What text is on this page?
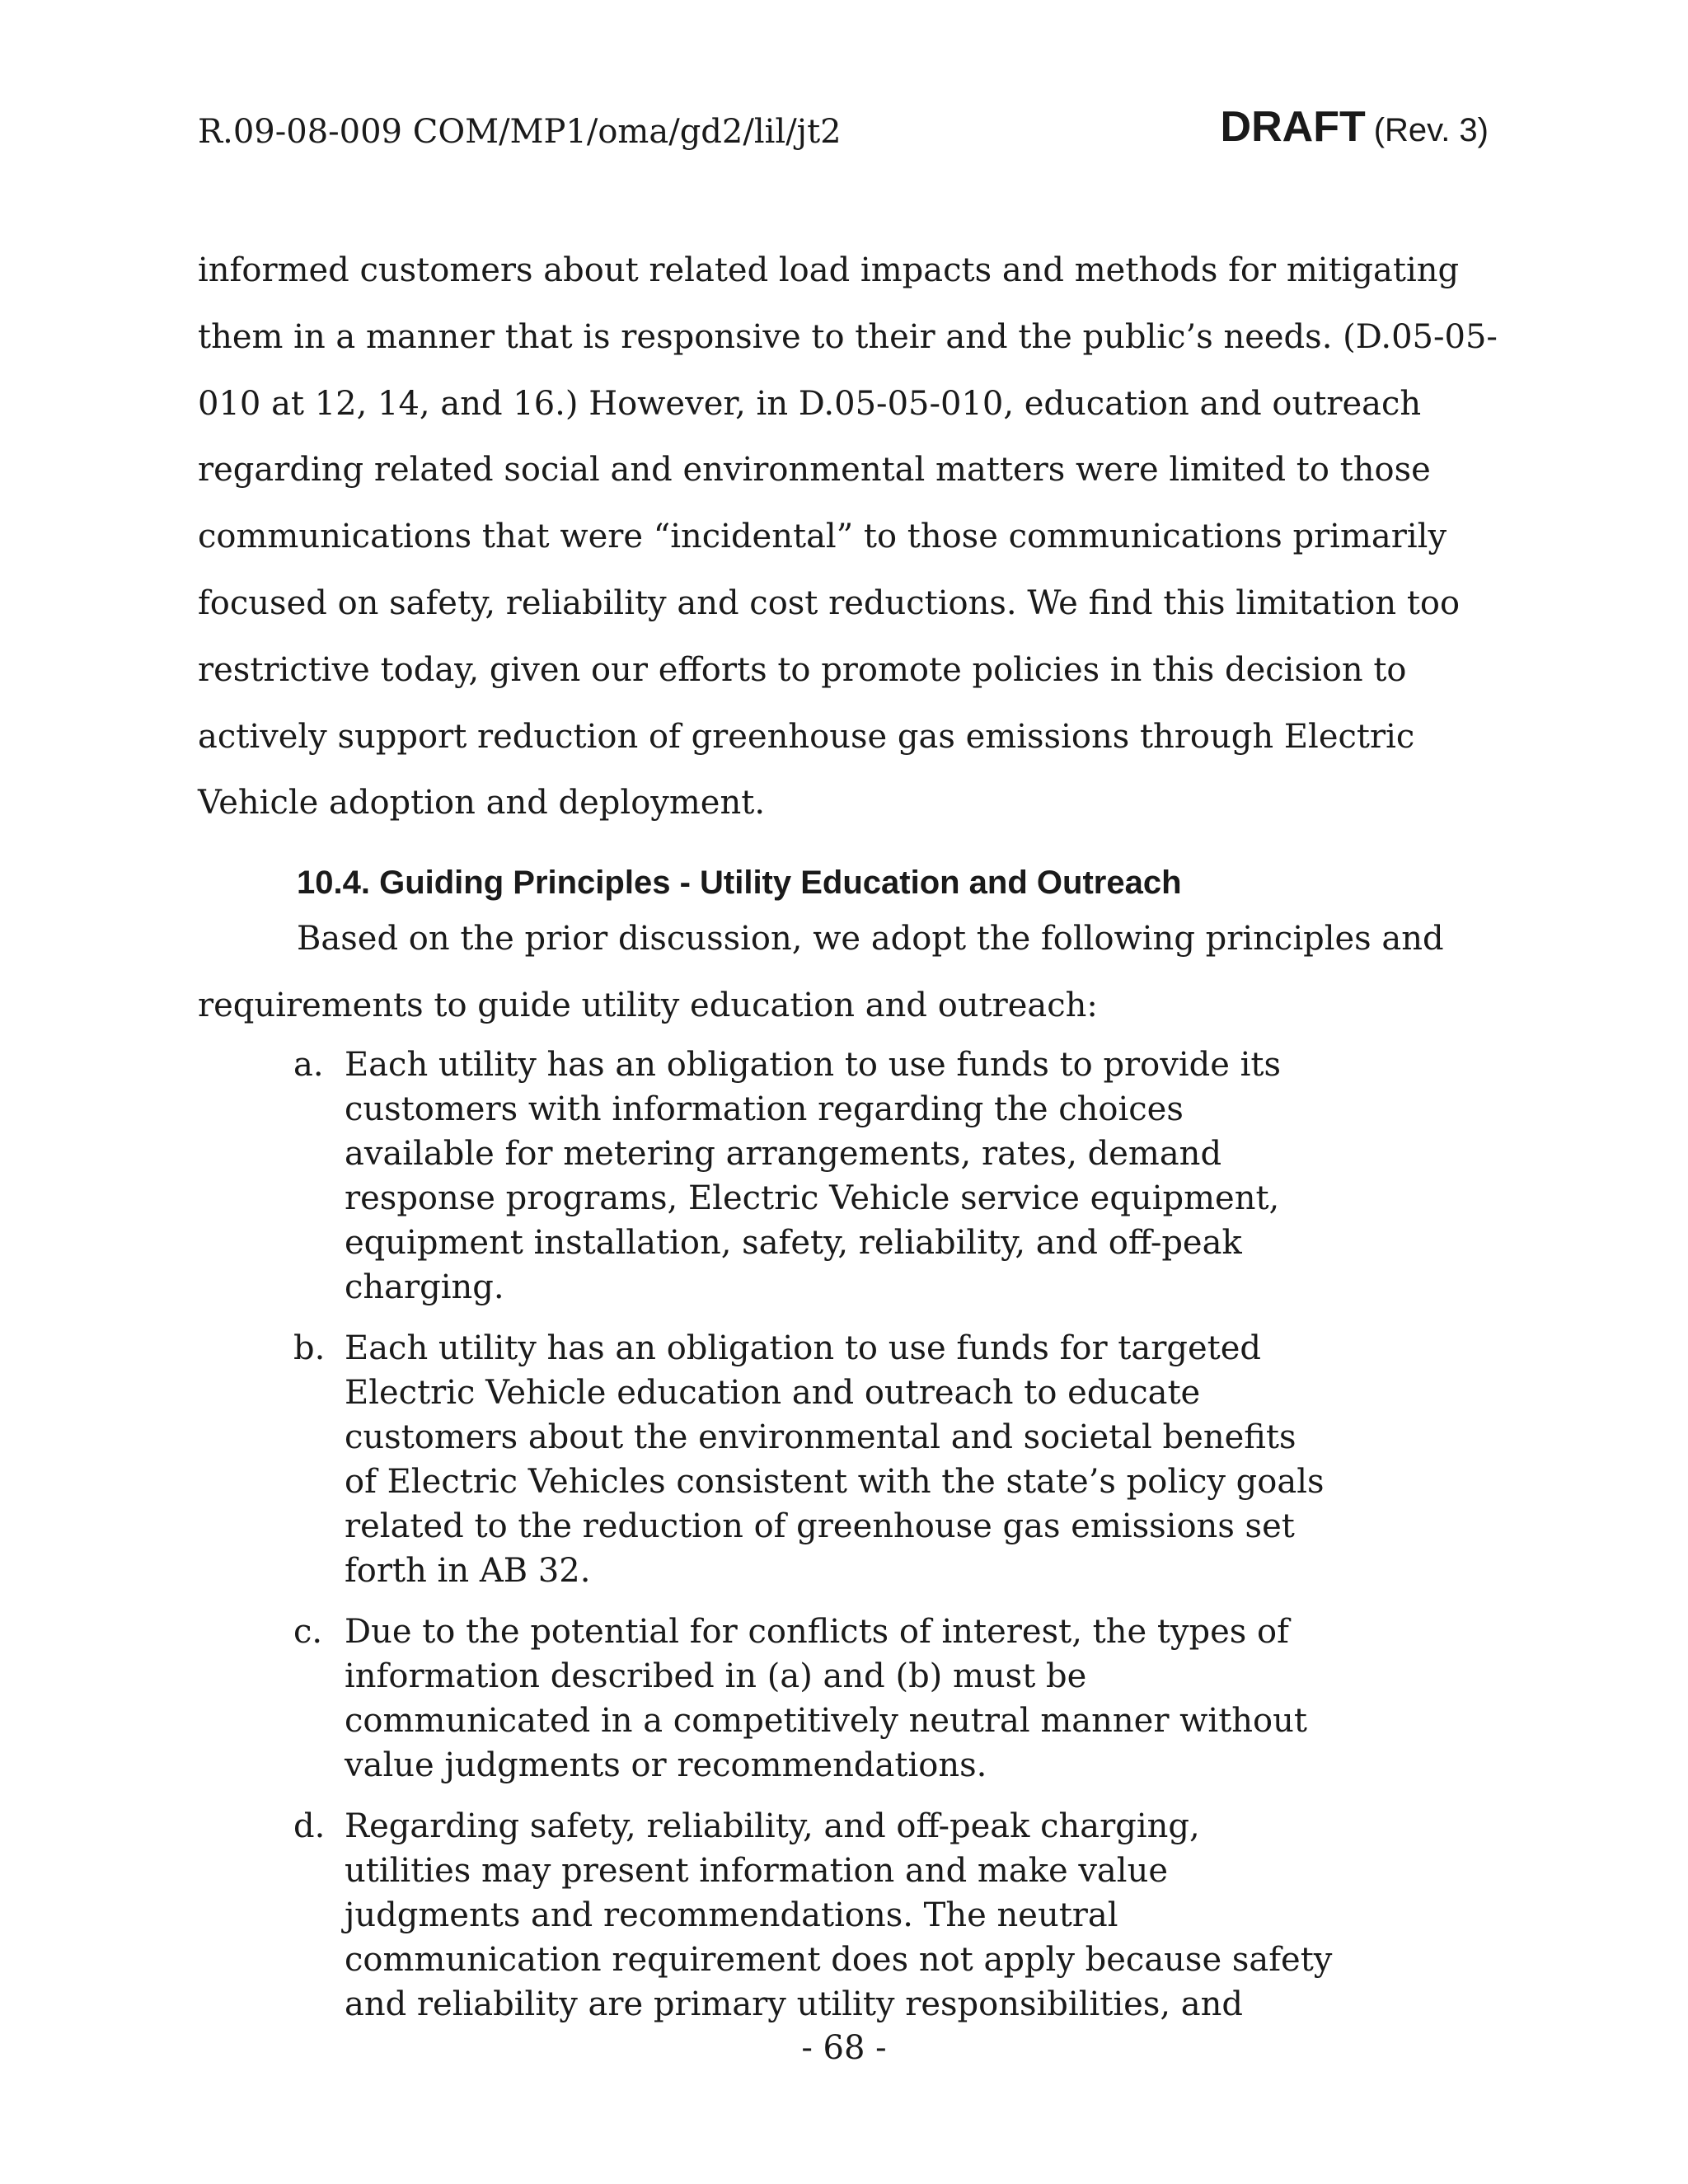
R.09-08-009 COM/MP1/oma/gd2/lil/jt2	DRAFT (Rev. 3)

informed customers about related load impacts and methods for mitigating them in a manner that is responsive to their and the public’s needs. (D.05-05-010 at 12, 14, and 16.) However, in D.05-05-010, education and outreach regarding related social and environmental matters were limited to those communications that were “incidental” to those communications primarily focused on safety, reliability and cost reductions. We find this limitation too restrictive today, given our efforts to promote policies in this decision to actively support reduction of greenhouse gas emissions through Electric Vehicle adoption and deployment.

10.4. Guiding Principles - Utility Education and Outreach

Based on the prior discussion, we adopt the following principles and requirements to guide utility education and outreach:

a. Each utility has an obligation to use funds to provide its customers with information regarding the choices available for metering arrangements, rates, demand response programs, Electric Vehicle service equipment, equipment installation, safety, reliability, and off-peak charging.
b. Each utility has an obligation to use funds for targeted Electric Vehicle education and outreach to educate customers about the environmental and societal benefits of Electric Vehicles consistent with the state’s policy goals related to the reduction of greenhouse gas emissions set forth in AB 32.
c. Due to the potential for conflicts of interest, the types of information described in (a) and (b) must be communicated in a competitively neutral manner without value judgments or recommendations.
d. Regarding safety, reliability, and off-peak charging, utilities may present information and make value judgments and recommendations. The neutral communication requirement does not apply because safety and reliability are primary utility responsibilities, and
- 68 -
